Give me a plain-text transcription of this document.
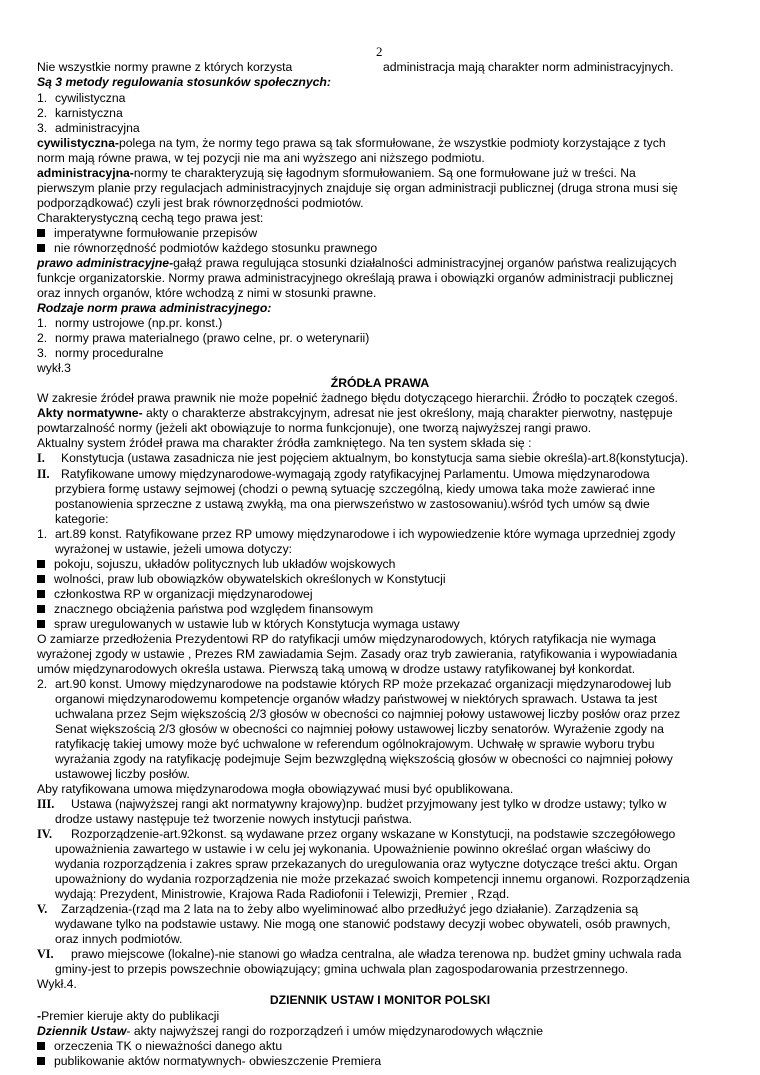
2
Nie wszystkie normy prawne z których korzysta	administracja mają charakter norm administracyjnych.
Są 3 metody regulowania stosunków społecznych:
1. cywilistyczna
2. karnistyczna
3. administracyjna
cywilistyczna-polega na tym, że normy tego prawa są tak sformułowane, że wszystkie podmioty korzystające z tych
norm mają równe prawa, w tej pozycji nie ma ani wyższego ani niższego podmiotu.
administracyjna-normy te charakteryzują się łagodnym sformułowaniem. Są one formułowane już w treści. Na
pierwszym planie przy regulacjach administracyjnych znajduje się organ administracji publicznej (druga strona musi się
podporządkować) czyli jest brak równorzędności podmiotów.
Charakterystyczną cechą tego prawa jest:
imperatywne formułowanie przepisów
nie równorzędność podmiotów każdego stosunku prawnego
prawo administracyjne-gałąź prawa regulująca stosunki działalności administracyjnej organów państwa realizujących
funkcje organizatorskie. Normy prawa administracyjnego określają prawa i obowiązki organów administracji publicznej
oraz innych organów, które wchodzą z nimi w stosunki prawne.
Rodzaje norm prawa administracyjnego:
1. normy ustrojowe (np.pr. konst.)
2. normy prawa materialnego (prawo celne, pr. o weterynarii)
3. normy proceduralne
wykł.3
ŹRÓDŁA PRAWA
W zakresie źródeł prawa prawnik nie może popełnić żadnego błędu dotyczącego hierarchii. Źródło to początek czegoś.
Akty normatywne- akty o charakterze abstrakcyjnym, adresat nie jest określony, mają charakter pierwotny, następuje
powtarzalność normy (jeżeli akt obowiązuje to norma funkcjonuje), one tworzą najwyższej rangi prawo.
Aktualny system źródeł prawa ma charakter źródła zamkniętego. Na ten system składa się :
I. Konstytucja (ustawa zasadnicza nie jest pojęciem aktualnym, bo konstytucja sama siebie określa)-art.8(konstytucja).
II. Ratyfikowane umowy międzynarodowe-wymagają zgody ratyfikacyjnej Parlamentu. Umowa międzynarodowa
przybiera formę ustawy sejmowej (chodzi o pewną sytuację szczególną, kiedy umowa taka może zawierać inne
postanowienia sprzeczne z ustawą zwykłą, ma ona pierwszeństwo w zastosowaniu).wśród tych umów są dwie
kategorie:
1. art.89 konst. Ratyfikowane przez RP umowy międzynarodowe i ich wypowiedzenie które wymaga uprzedniej zgody
wyrażonej w ustawie, jeżeli umowa dotyczy:
pokoju, sojuszu, układów politycznych lub układów wojskowych
wolności, praw lub obowiązków obywatelskich określonych w Konstytucji
członkostwa RP w organizacji międzynarodowej
znacznego obciążenia państwa pod względem finansowym
spraw uregulowanych w ustawie lub w których Konstytucja wymaga ustawy
O zamiarze przedłożenia Prezydentowi RP do ratyfikacji umów międzynarodowych, których ratyfikacja nie wymaga
wyrażonej zgody w ustawie , Prezes RM zawiadamia Sejm. Zasady oraz tryb zawierania, ratyfikowania i wypowiadania
umów międzynarodowych określa ustawa. Pierwszą taką umową w drodze ustawy ratyfikowanej był konkordat.
2. art.90 konst. Umowy międzynarodowe na podstawie których RP może przekazać organizacji międzynarodowej lub
organowi międzynarodowemu kompetencje organów władzy państwowej w niektórych sprawach. Ustawa ta jest
uchwalana przez Sejm większością 2/3 głosów w obecności co najmniej połowy ustawowej liczby posłów oraz przez
Senat większością 2/3 głosów w obecności co najmniej połowy ustawowej liczby senatorów. Wyrażenie zgody na
ratyfikację takiej umowy może być uchwalone w referendum ogólnokrajowym. Uchwałę w sprawie wyboru trybu
wyrażania zgody na ratyfikację podejmuje Sejm bezwzględną większością głosów w obecności co najmniej połowy
ustawowej liczby posłów.
Aby ratyfikowana umowa międzynarodowa mogła obowiązywać musi być opublikowana.
III. Ustawa (najwyższej rangi akt normatywny krajowy)np. budżet przyjmowany jest tylko w drodze ustawy; tylko w
drodze ustawy następuje też tworzenie nowych instytucji państwa.
IV. Rozporządzenie-art.92konst. są wydawane przez organy wskazane w Konstytucji, na podstawie szczegółowego
upoważnienia zawartego w ustawie i w celu jej wykonania. Upoważnienie powinno określać organ właściwy do
wydania rozporządzenia i zakres spraw przekazanych do uregulowania oraz wytyczne dotyczące treści aktu. Organ
upoważniony do wydania rozporządzenia nie może przekazać swoich kompetencji innemu organowi. Rozporządzenia
wydają: Prezydent, Ministrowie, Krajowa Rada Radiofonii i Telewizji, Premier , Rząd.
V. Zarządzenia-(rząd ma 2 lata na to żeby albo wyeliminować albo przedłużyć jego działanie). Zarządzenia są
wydawane tylko na podstawie ustawy. Nie mogą one stanowić podstawy decyzji wobec obywateli, osób prawnych,
oraz innych podmiotów.
VI. prawo miejscowe (lokalne)-nie stanowi go władza centralna, ale władza terenowa np. budżet gminy uchwala rada
gminy-jest to przepis powszechnie obowiązujący; gmina uchwala plan zagospodarowania przestrzennego.
Wykł.4.
DZIENNIK USTAW I MONITOR POLSKI
-Premier kieruje akty do publikacji
Dziennik Ustaw- akty najwyższej rangi do rozporządzeń i umów międzynarodowych włącznie
orzeczenia TK o nieważności danego aktu
publikowanie aktów normatywnych- obwieszczenie Premiera
